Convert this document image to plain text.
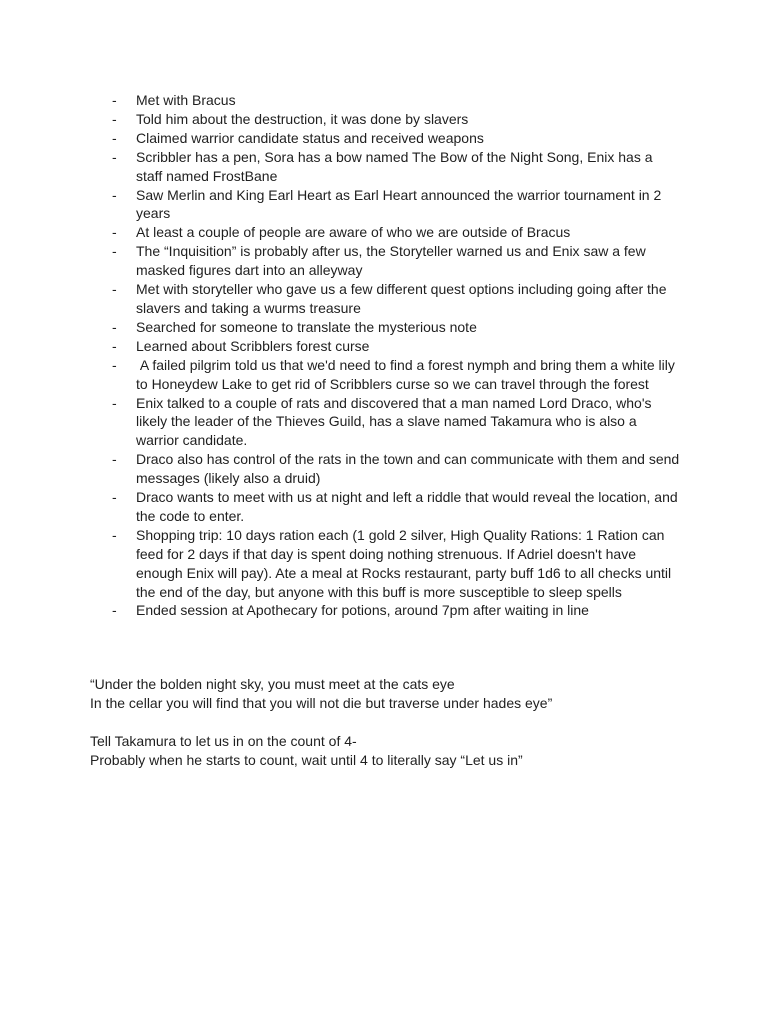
-	Met with Bracus
-	Told him about the destruction, it was done by slavers
-	Claimed warrior candidate status and received weapons
-	Scribbler has a pen, Sora has a bow named The Bow of the Night Song, Enix has a staff named FrostBane
-	Saw Merlin and King Earl Heart as Earl Heart announced the warrior tournament in 2 years
-	At least a couple of people are aware of who we are outside of Bracus
-	The “Inquisition” is probably after us, the Storyteller warned us and Enix saw a few masked figures dart into an alleyway
-	Met with storyteller who gave us a few different quest options including going after the slavers and taking a wurms treasure
-	Searched for someone to translate the mysterious note
-	Learned about Scribblers forest curse
-	A failed pilgrim told us that we'd need to find a forest nymph and bring them a white lily to Honeydew Lake to get rid of Scribblers curse so we can travel through the forest
-	Enix talked to a couple of rats and discovered that a man named Lord Draco, who's likely the leader of the Thieves Guild, has a slave named Takamura who is also a warrior candidate.
-	Draco also has control of the rats in the town and can communicate with them and send messages (likely also a druid)
-	Draco wants to meet with us at night and left a riddle that would reveal the location, and the code to enter.
-	Shopping trip: 10 days ration each (1 gold 2 silver, High Quality Rations: 1 Ration can feed for 2 days if that day is spent doing nothing strenuous. If Adriel doesn't have enough Enix will pay). Ate a meal at Rocks restaurant, party buff 1d6 to all checks until the end of the day, but anyone with this buff is more susceptible to sleep spells
-	Ended session at Apothecary for potions, around 7pm after waiting in line
“Under the bolden night sky, you must meet at the cats eye
In the cellar you will find that you will not die but traverse under hades eye”
Tell Takamura to let us in on the count of 4-
Probably when he starts to count, wait until 4 to literally say “Let us in”
